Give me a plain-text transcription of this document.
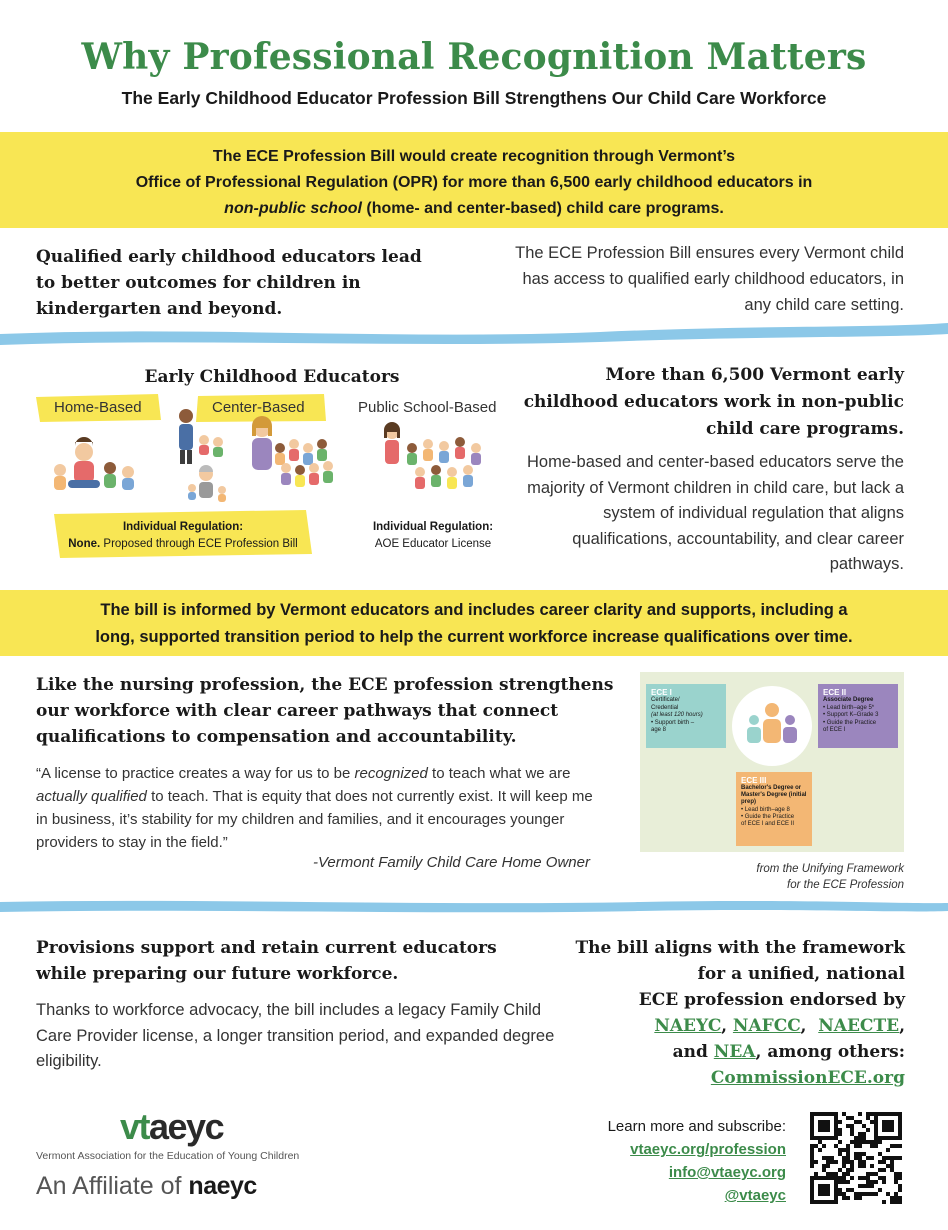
Why Professional Recognition Matters
The Early Childhood Educator Profession Bill Strengthens Our Child Care Workforce
The ECE Profession Bill would create recognition through Vermont’s
Office of Professional Regulation (OPR) for more than 6,500 early childhood educators in
non-public school (home- and center-based) child care programs.
Qualified early childhood educators lead to better outcomes for children in kindergarten and beyond.
The ECE Profession Bill ensures every Vermont child has access to qualified early childhood educators, in any child care setting.
Early Childhood Educators
Home-Based	Center-Based	Public School-Based
Individual Regulation:
None. Proposed through ECE Profession Bill
Individual Regulation:
AOE Educator License
More than 6,500 Vermont early childhood educators work in non-public child care programs.
Home-based and center-based educators serve the majority of Vermont children in child care, but lack a system of individual regulation that aligns qualifications, accountability, and clear career pathways.
The bill is informed by Vermont educators and includes career clarity and supports, including a
long, supported transition period to help the current workforce increase qualifications over time.
Like the nursing profession, the ECE profession strengthens our workforce with clear career pathways that connect qualifications to compensation and accountability.
“A license to practice creates a way for us to be recognized to teach what we are actually qualified to teach. That is equity that does not currently exist. It will keep me in business, it’s stability for my children and families, and it encourages younger providers to stay in the field.”
-Vermont Family Child Care Home Owner
ECE I
Certificate/
Credential
(at least 120 hours)
• Support birth –
age 8
ECE II
Associate Degree
• Lead birth–age 5*
• Support K–Grade 3
• Guide the Practice
of ECE I
ECE III
Bachelor's Degree or
Master's Degree (initial
prep)
• Lead birth–age 8
• Guide the Practice
of ECE I and ECE II
from the Unifying Framework
for the ECE Profession
Provisions support and retain current educators while preparing our future workforce.
Thanks to workforce advocacy, the bill includes a legacy Family Child Care Provider license, a longer transition period, and expanded degree eligibility.
The bill aligns with the framework
for a unified, national
ECE profession endorsed by
NAEYC, NAFCC,  NAECTE,
and NEA, among others:
CommissionECE.org
Learn more and subscribe:
vtaeyc.org/profession
info@vtaeyc.org
@vtaeyc
vtaeyc
Vermont Association for the Education of Young Children
An Affiliate of naeyc
